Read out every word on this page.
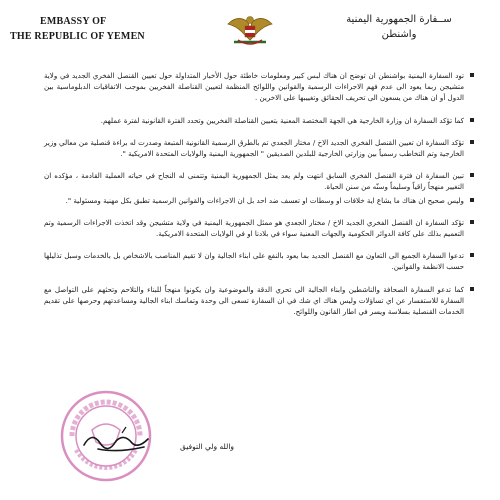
EMBASSY OF
THE REPUBLIC OF YEMEN
ســفارة الجمهورية اليمنية
واشنطن
تود السفارة اليمنية بواشنطن ان توضح ان هناك لبس كبير ومعلومات خاطئة حول الأخبار المتداولة حول تعيين القنصل الفخري الجديد في ولاية متشيجن ربما يعود الى عدم فهم الاجراءات الرسمية والقوانين واللوائح المنظمة لتعيين القناصلة الفخريين بموجب الاتفاقيات الدبلوماسية بين الدول أو ان هناك من يسعون الى تحريف الحقائق وتغييبها على الاخرين .
كما تؤكد السفارة ان وزارة الخارجية هي الجهة المختصة المعنية بتعيين القناصلة الفخريين وتحدد الفترة القانونية لفترة عملهم.
تؤكد السفارة ان تعيين القنصل الفخري الجديد الاخ / مختار الجعدي تم بالطرق الرسمية القانونية المتبعة وصدرت له براءة قنصلية من معالي وزير الخارجية وتم التخاطب رسمياً بين وزارتي الخارجية للبلدين الصديقين " الجمهورية اليمنية والولايات المتحدة الامريكية ".
تبين السفارة ان فترة القنصل الفخري السابق انتهت ولم يعد يمثل الجمهورية اليمنية وتتمنى له النجاح في حياته العملية القادمة ، مؤكده ان التغيير منهجاً راقياً وسليماً وسنّه من سنن الحياة.
وليس صحيح ان هناك ما يشاع اية خلافات او وسطات او تعسف ضد احد بل ان الاجراءات والقوانين الرسمية تطبق بكل مهنية ومسئولية ".
تؤكد السفارة ان القنصل الفخري الجديد الاخ / مختار الجعدي هو ممثل الجمهورية اليمنية في ولاية متشيجن وقد اتخذت الاجراءات الرسمية وتم التعميم بذلك على كافة الدوائر الحكومية والجهات المعنية سواء في بلادنا او في الولايات المتحدة الامريكية.
تدعوا السفارة الجميع الى التعاون مع القنصل الجديد بما يعود بالنفع على ابناء الجالية وان لا تقيم المناصب بالاشخاص بل بالخدمات وسبل تذليلها حسب الانظمة والقوانين.
كما تدعو السفارة الصحافة والناشطين وابناء الجالية الى تحري الدقة والموضوعية وان يكونوا منهجاً للبناء والتلاحم وتحثهم على التواصل مع السفارة للاستفسار عن اي تساؤلات وليس هناك اي شك في ان السفارة تسعى الى وحدة وتماسك ابناء الجالية ومساعدتهم وحرصها على تقديم الخدمات القنصلية بسلاسة ويسر في اطار القانون واللوائح.
والله ولي التوفيق
